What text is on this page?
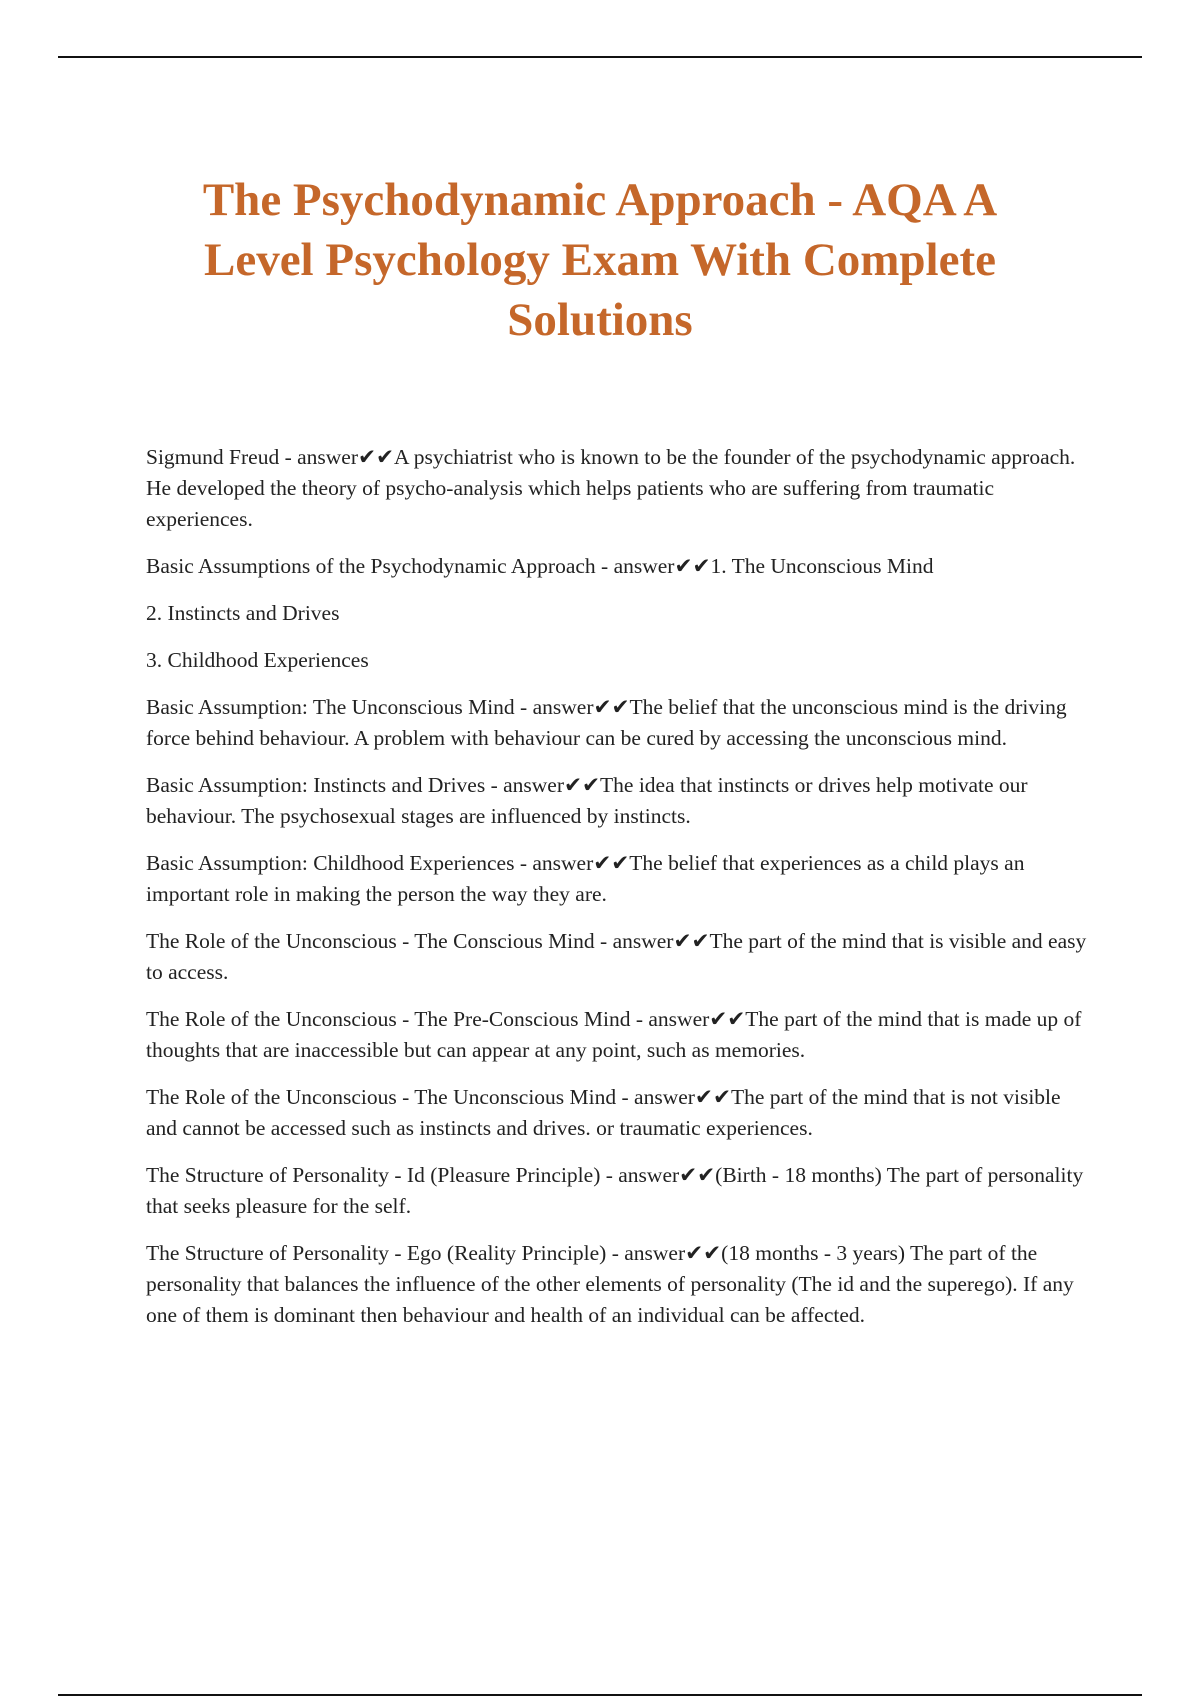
The Psychodynamic Approach - AQA A Level Psychology Exam With Complete Solutions

Sigmund Freud - answer✔✔A psychiatrist who is known to be the founder of the psychodynamic approach. He developed the theory of psycho-analysis which helps patients who are suffering from traumatic experiences.

Basic Assumptions of the Psychodynamic Approach - answer✔✔1. The Unconscious Mind

2. Instincts and Drives

3. Childhood Experiences

Basic Assumption: The Unconscious Mind - answer✔✔The belief that the unconscious mind is the driving force behind behaviour. A problem with behaviour can be cured by accessing the unconscious mind.

Basic Assumption: Instincts and Drives - answer✔✔The idea that instincts or drives help motivate our behaviour. The psychosexual stages are influenced by instincts.

Basic Assumption: Childhood Experiences - answer✔✔The belief that experiences as a child plays an important role in making the person the way they are.

The Role of the Unconscious - The Conscious Mind - answer✔✔The part of the mind that is visible and easy to access.

The Role of the Unconscious - The Pre-Conscious Mind - answer✔✔The part of the mind that is made up of thoughts that are inaccessible but can appear at any point, such as memories.

The Role of the Unconscious - The Unconscious Mind - answer✔✔The part of the mind that is not visible and cannot be accessed such as instincts and drives. or traumatic experiences.

The Structure of Personality - Id (Pleasure Principle) - answer✔✔(Birth - 18 months) The part of personality that seeks pleasure for the self.

The Structure of Personality - Ego (Reality Principle) - answer✔✔(18 months - 3 years) The part of the personality that balances the influence of the other elements of personality (The id and the superego). If any one of them is dominant then behaviour and health of an individual can be affected.
